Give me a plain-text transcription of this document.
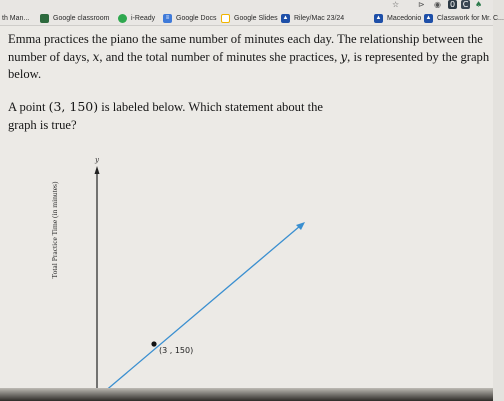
☆ ⊳ ◉ 0 C ♠
th Man...	Google classroom	i-Ready	≡ Google Docs	Google Slides ▲ Riley/Mac 23/24	▲ Macedonio ▲ Classwork for Mr. C...
Emma practices the piano the same number of minutes each day. The relationship between the
number of days, x, and the total number of minutes she practices, y, is represented by the graph
below.
A point (3, 150) is labeled below. Which statement about the
graph is true?
y
Total Practice Time (in minutes)
(3 , 150)
